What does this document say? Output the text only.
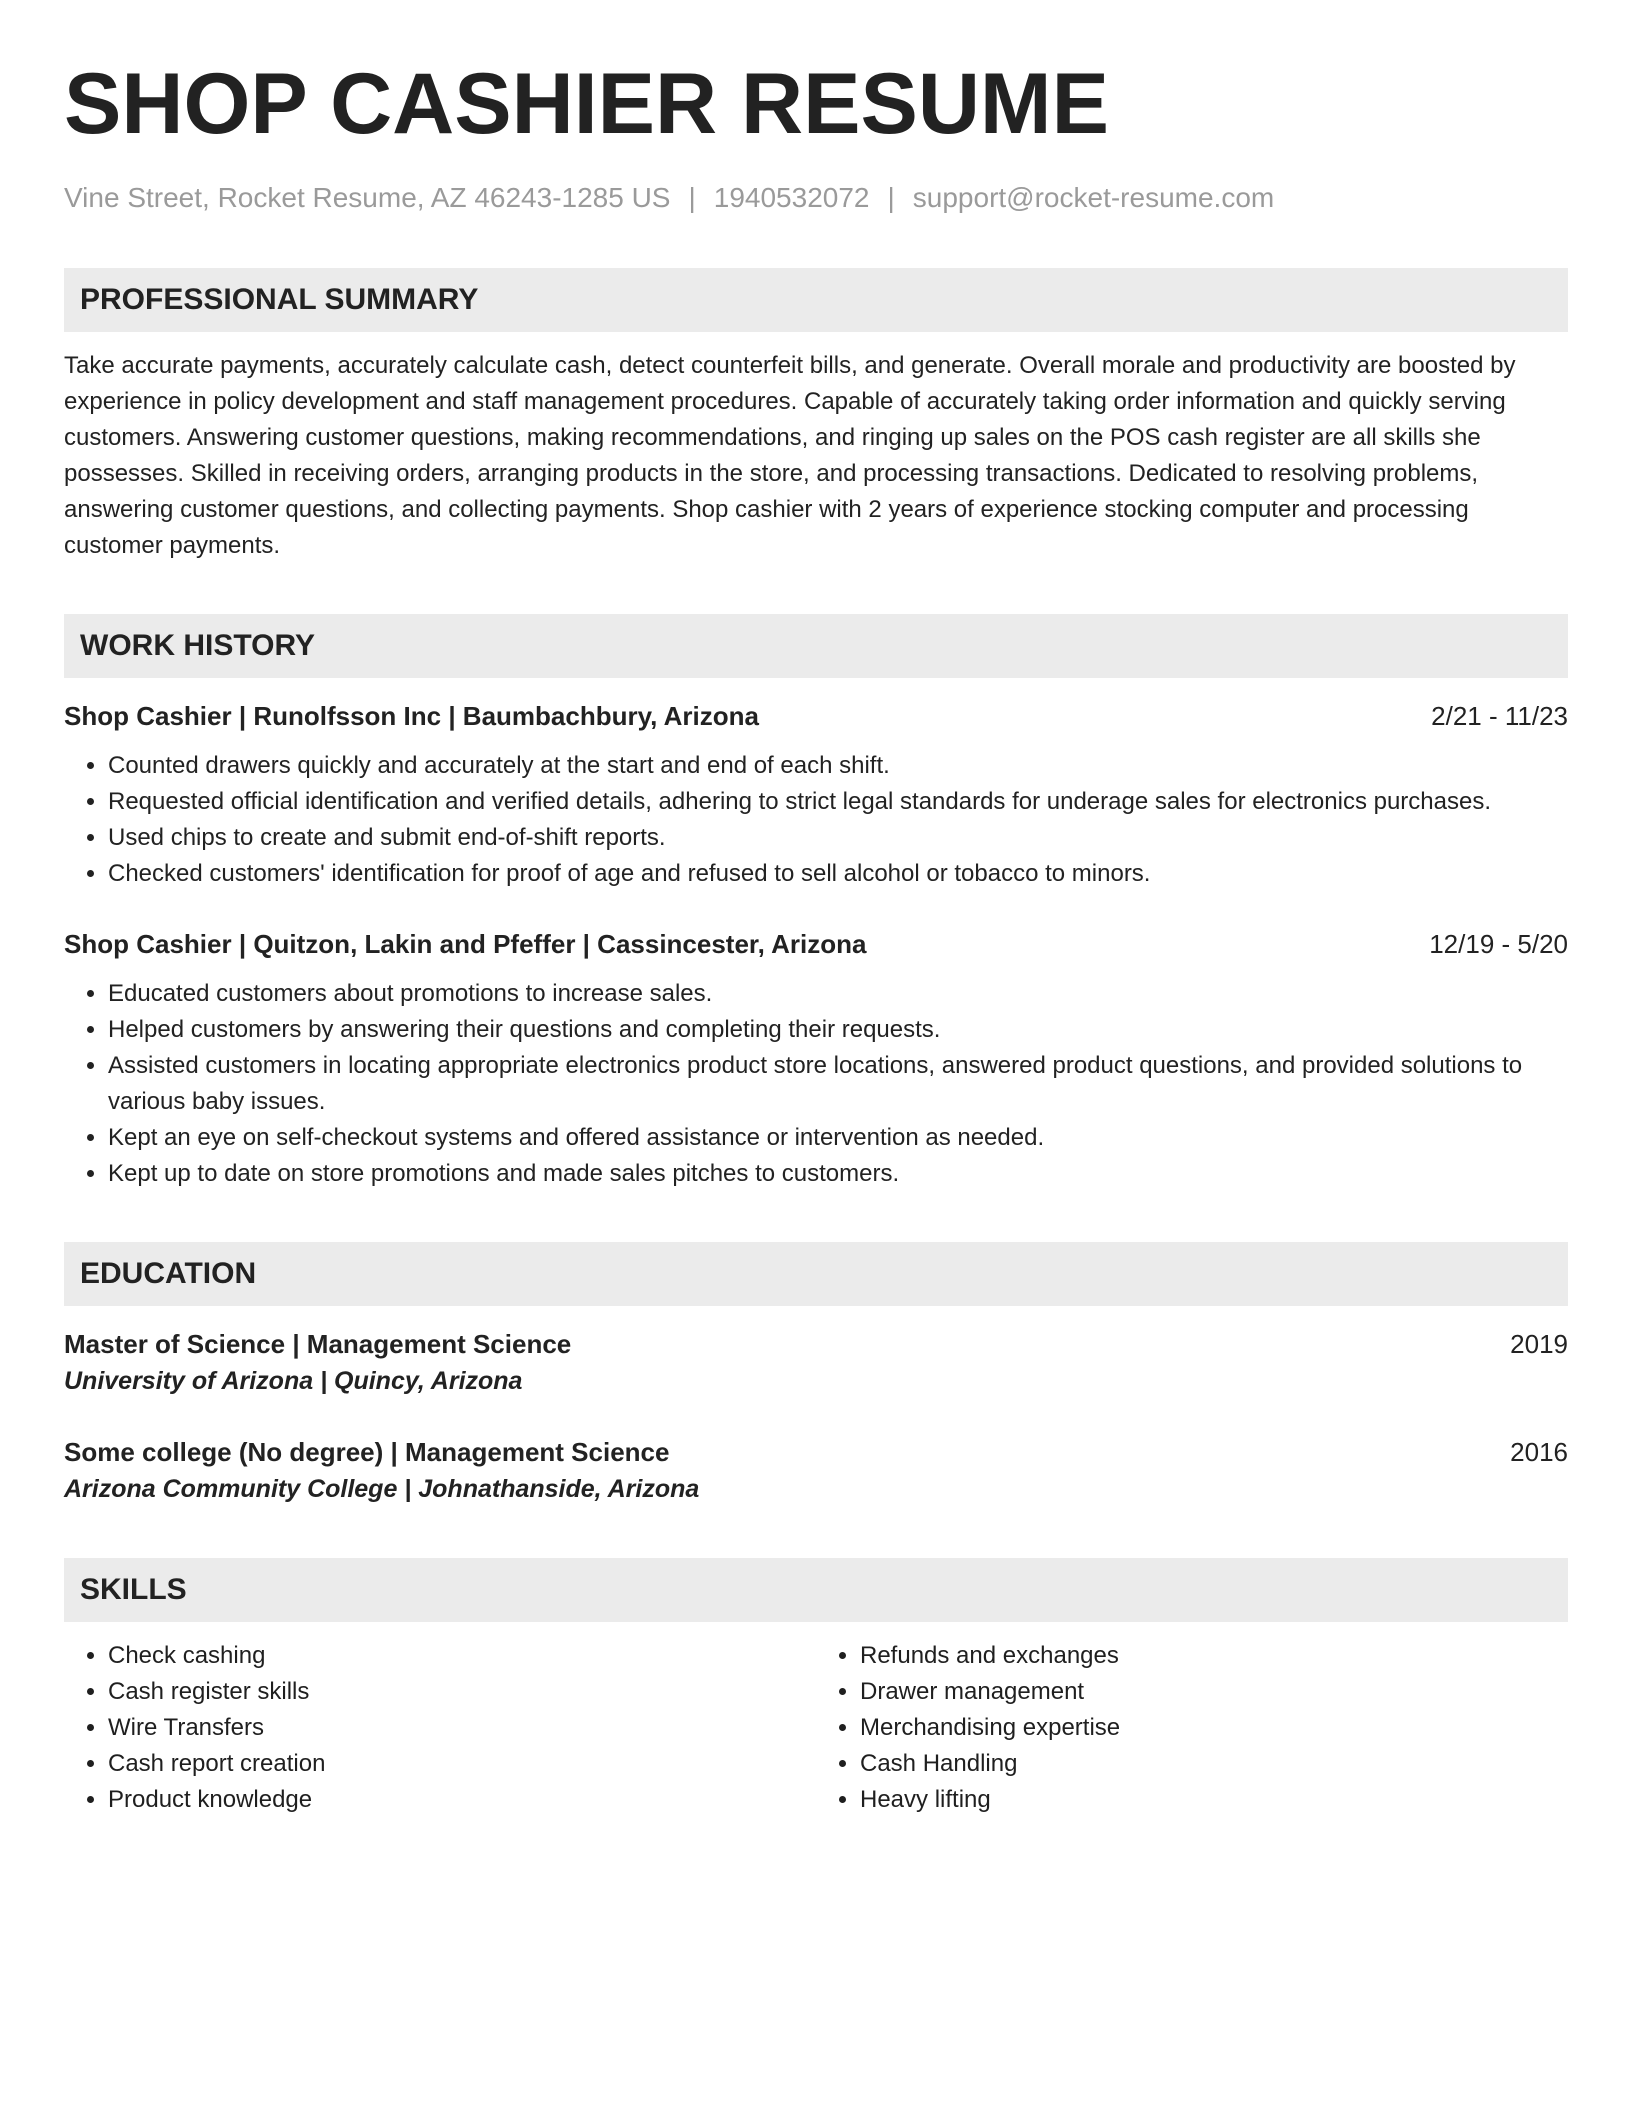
SHOP CASHIER RESUME
Vine Street, Rocket Resume, AZ 46243-1285 US | 1940532072 | support@rocket-resume.com
PROFESSIONAL SUMMARY
Take accurate payments, accurately calculate cash, detect counterfeit bills, and generate. Overall morale and productivity are boosted by experience in policy development and staff management procedures. Capable of accurately taking order information and quickly serving customers. Answering customer questions, making recommendations, and ringing up sales on the POS cash register are all skills she possesses. Skilled in receiving orders, arranging products in the store, and processing transactions. Dedicated to resolving problems, answering customer questions, and collecting payments. Shop cashier with 2 years of experience stocking computer and processing customer payments.
WORK HISTORY
Shop Cashier | Runolfsson Inc | Baumbachbury, Arizona	2/21 - 11/23
• Counted drawers quickly and accurately at the start and end of each shift.
• Requested official identification and verified details, adhering to strict legal standards for underage sales for electronics purchases.
• Used chips to create and submit end-of-shift reports.
• Checked customers' identification for proof of age and refused to sell alcohol or tobacco to minors.
Shop Cashier | Quitzon, Lakin and Pfeffer | Cassincester, Arizona	12/19 - 5/20
• Educated customers about promotions to increase sales.
• Helped customers by answering their questions and completing their requests.
• Assisted customers in locating appropriate electronics product store locations, answered product questions, and provided solutions to various baby issues.
• Kept an eye on self-checkout systems and offered assistance or intervention as needed.
• Kept up to date on store promotions and made sales pitches to customers.
EDUCATION
Master of Science | Management Science	2019
University of Arizona | Quincy, Arizona
Some college (No degree) | Management Science	2016
Arizona Community College | Johnathanside, Arizona
SKILLS
• Check cashing
• Cash register skills
• Wire Transfers
• Cash report creation
• Product knowledge
• Refunds and exchanges
• Drawer management
• Merchandising expertise
• Cash Handling
• Heavy lifting
